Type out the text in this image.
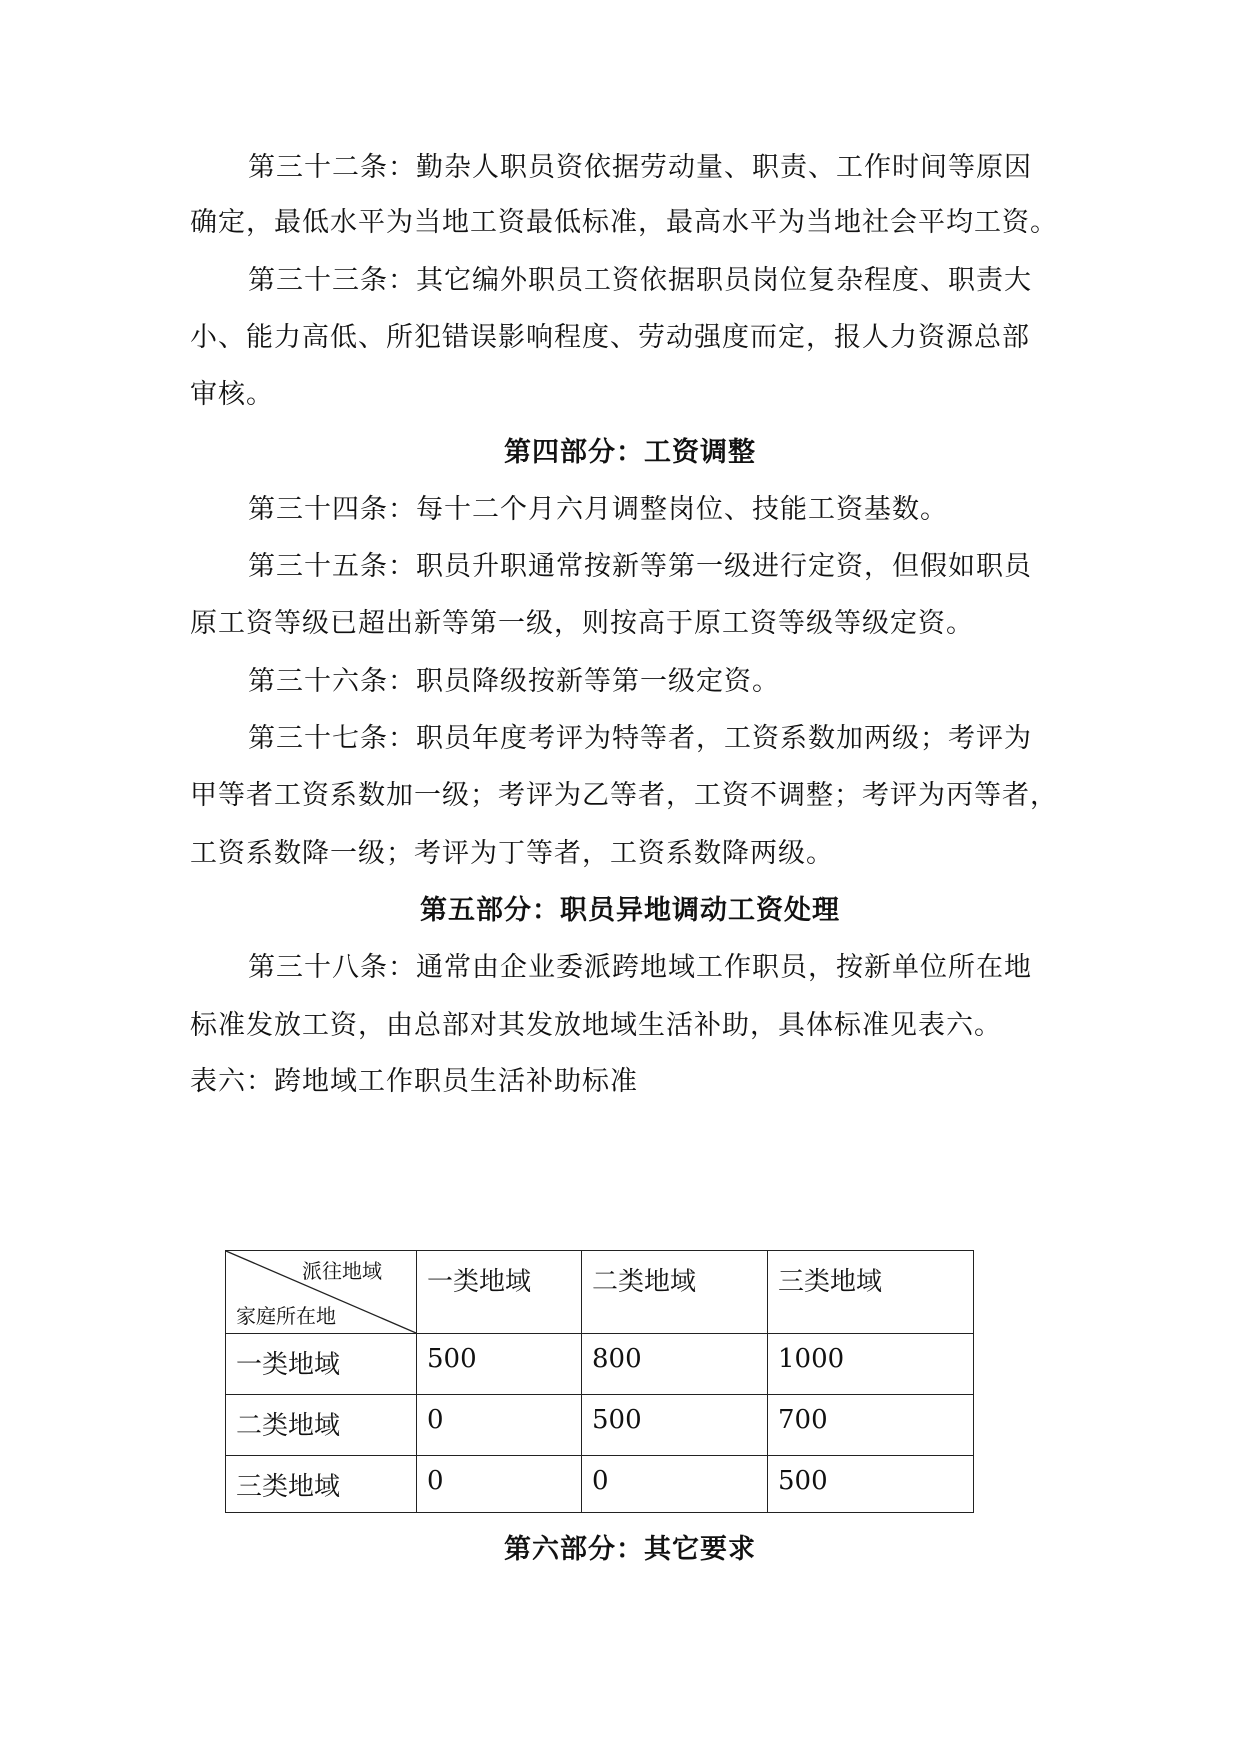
第三十二条：勤杂人职员资依据劳动量、职责、工作时间等原因
确定，最低水平为当地工资最低标准，最高水平为当地社会平均工资。
第三十三条：其它编外职员工资依据职员岗位复杂程度、职责大
小、能力高低、所犯错误影响程度、劳动强度而定，报人力资源总部
审核。
第四部分：工资调整
第三十四条：每十二个月六月调整岗位、技能工资基数。
第三十五条：职员升职通常按新等第一级进行定资，但假如职员
原工资等级已超出新等第一级，则按高于原工资等级等级定资。
第三十六条：职员降级按新等第一级定资。
第三十七条：职员年度考评为特等者，工资系数加两级；考评为
甲等者工资系数加一级；考评为乙等者，工资不调整；考评为丙等者，
工资系数降一级；考评为丁等者，工资系数降两级。
第五部分：职员异地调动工资处理
第三十八条：通常由企业委派跨地域工作职员，按新单位所在地
标准发放工资，由总部对其发放地域生活补助，具体标准见表六。
表六：跨地域工作职员生活补助标准
派往地域
家庭所在地	一类地域	二类地域	三类地域
一类地域	500	800	1000
二类地域	0	500	700
三类地域	0	0	500
第六部分：其它要求
